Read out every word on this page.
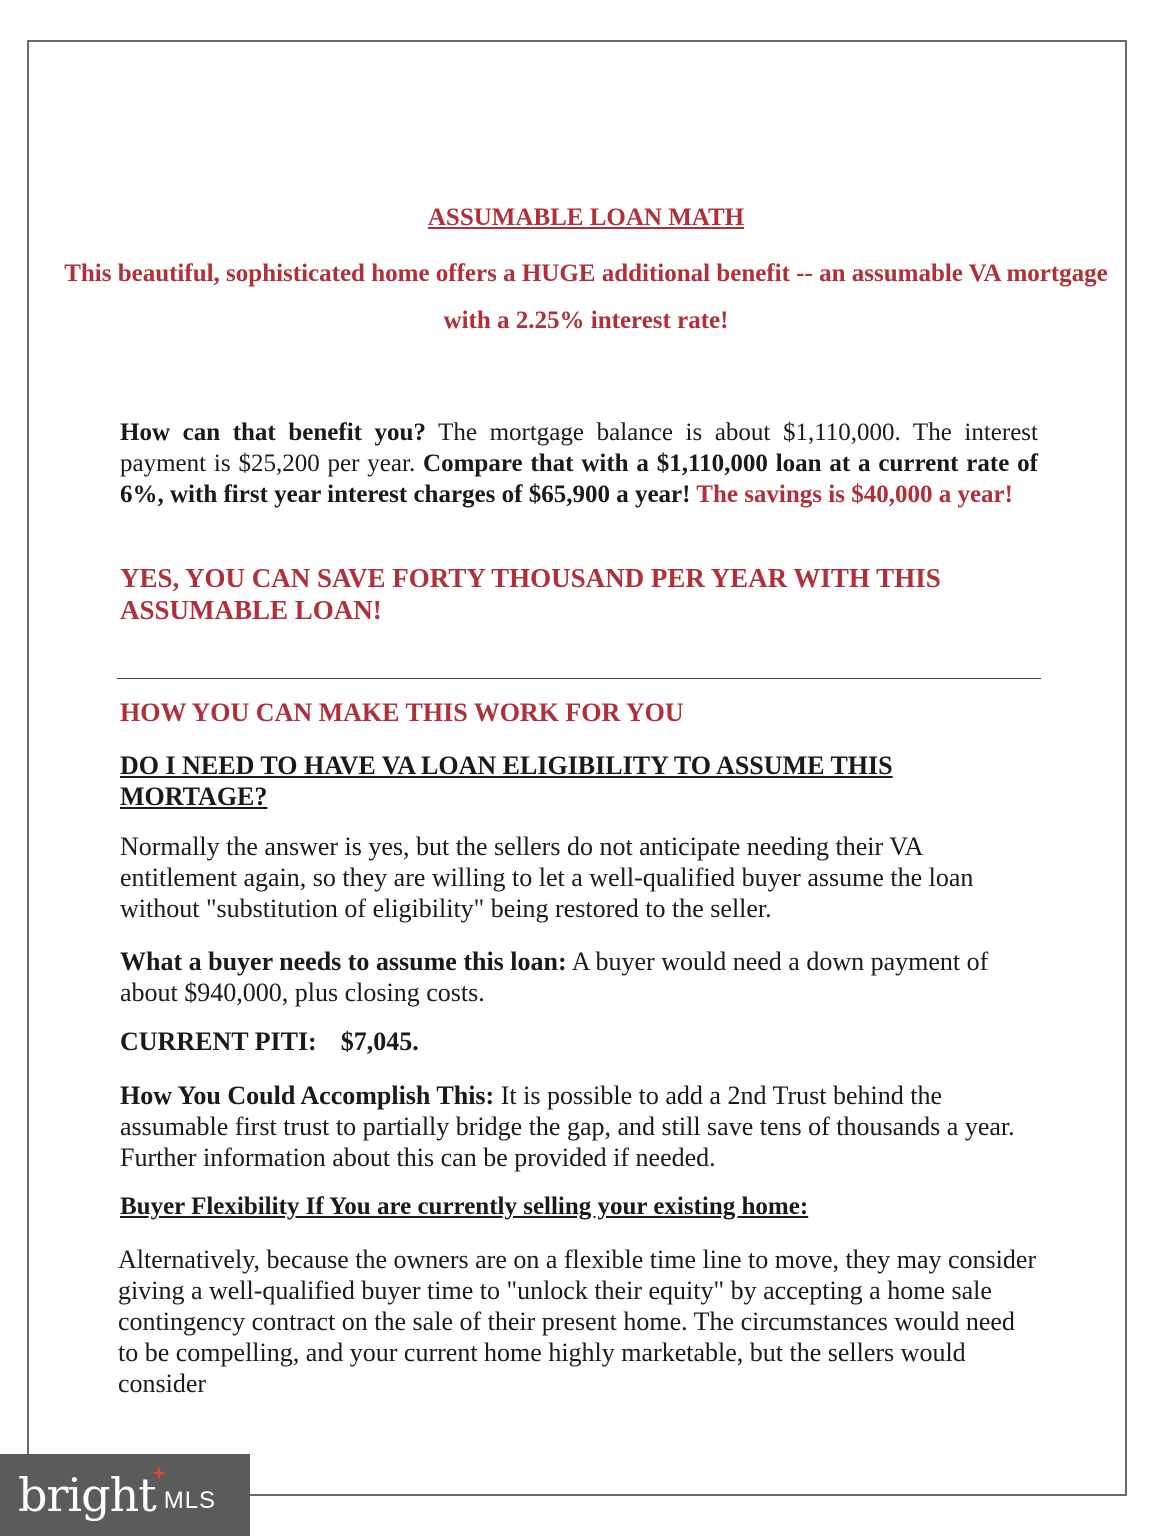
ASSUMABLE LOAN MATH
This beautiful, sophisticated home offers a HUGE additional benefit -- an assumable VA mortgage with a 2.25% interest rate!
How can that benefit you? The mortgage balance is about $1,110,000. The interest payment is $25,200 per year. Compare that with a $1,110,000 loan at a current rate of 6%, with first year interest charges of $65,900 a year! The savings is $40,000 a year!
YES, YOU CAN SAVE FORTY THOUSAND PER YEAR WITH THIS ASSUMABLE LOAN!
HOW YOU CAN MAKE THIS WORK FOR YOU
DO I NEED TO HAVE VA LOAN ELIGIBILITY TO ASSUME THIS MORTAGE?
Normally the answer is yes, but the sellers do not anticipate needing their VA entitlement again, so they are willing to let a well-qualified buyer assume the loan without "substitution of eligibility" being restored to the seller.
What a buyer needs to assume this loan: A buyer would need a down payment of about $940,000, plus closing costs.
CURRENT PITI: $7,045.
How You Could Accomplish This: It is possible to add a 2nd Trust behind the assumable first trust to partially bridge the gap, and still save tens of thousands a year. Further information about this can be provided if needed.
Buyer Flexibility If You are currently selling your existing home:
Alternatively, because the owners are on a flexible time line to move, they may consider giving a well-qualified buyer time to "unlock their equity" by accepting a home sale contingency contract on the sale of their present home. The circumstances would need to be compelling, and your current home highly marketable, but the sellers would consider
bright MLS
